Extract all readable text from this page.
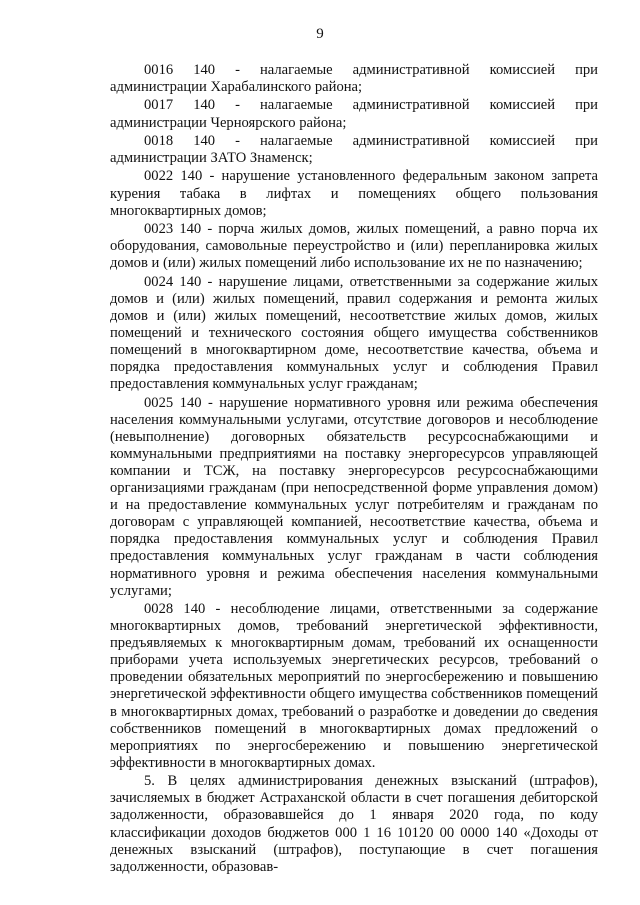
9

0016 140 - налагаемые административной комиссией при администрации Харабалинского района;

0017 140 - налагаемые административной комиссией при администрации Черноярского района;

0018 140 - налагаемые административной комиссией при администрации ЗАТО Знаменск;

0022 140 - нарушение установленного федеральным законом запрета курения табака в лифтах и помещениях общего пользования многоквартирных домов;

0023 140 - порча жилых домов, жилых помещений, а равно порча их оборудования, самовольные переустройство и (или) перепланировка жилых домов и (или) жилых помещений либо использование их не по назначению;

0024 140 - нарушение лицами, ответственными за содержание жилых домов и (или) жилых помещений, правил содержания и ремонта жилых домов и (или) жилых помещений, несоответствие жилых домов, жилых помещений и технического состояния общего имущества собственников помещений в многоквартирном доме, несоответствие качества, объема и порядка предоставления коммунальных услуг и соблюдения Правил предоставления коммунальных услуг гражданам;

0025 140 - нарушение нормативного уровня или режима обеспечения населения коммунальными услугами, отсутствие договоров и несоблюдение (невыполнение) договорных обязательств ресурсоснабжающими и коммунальными предприятиями на поставку энергоресурсов управляющей компании и ТСЖ, на поставку энергоресурсов ресурсоснабжающими организациями гражданам (при непосредственной форме управления домом) и на предоставление коммунальных услуг потребителям и гражданам по договорам с управляющей компанией, несоответствие качества, объема и порядка предоставления коммунальных услуг и соблюдения Правил предоставления коммунальных услуг гражданам в части соблюдения нормативного уровня и режима обеспечения населения коммунальными услугами;

0028 140 - несоблюдение лицами, ответственными за содержание многоквартирных домов, требований энергетической эффективности, предъявляемых к многоквартирным домам, требований их оснащенности приборами учета используемых энергетических ресурсов, требований о проведении обязательных мероприятий по энергосбережению и повышению энергетической эффективности общего имущества собственников помещений в многоквартирных домах, требований о разработке и доведении до сведения собственников помещений в многоквартирных домах предложений о мероприятиях по энергосбережению и повышению энергетической эффективности в многоквартирных домах.

5. В целях администрирования денежных взысканий (штрафов), зачисляемых в бюджет Астраханской области в счет погашения дебиторской задолженности, образовавшейся до 1 января 2020 года, по коду классификации доходов бюджетов 000 1 16 10120 00 0000 140 «Доходы от денежных взысканий (штрафов), поступающие в счет погашения задолженности, образовав-
